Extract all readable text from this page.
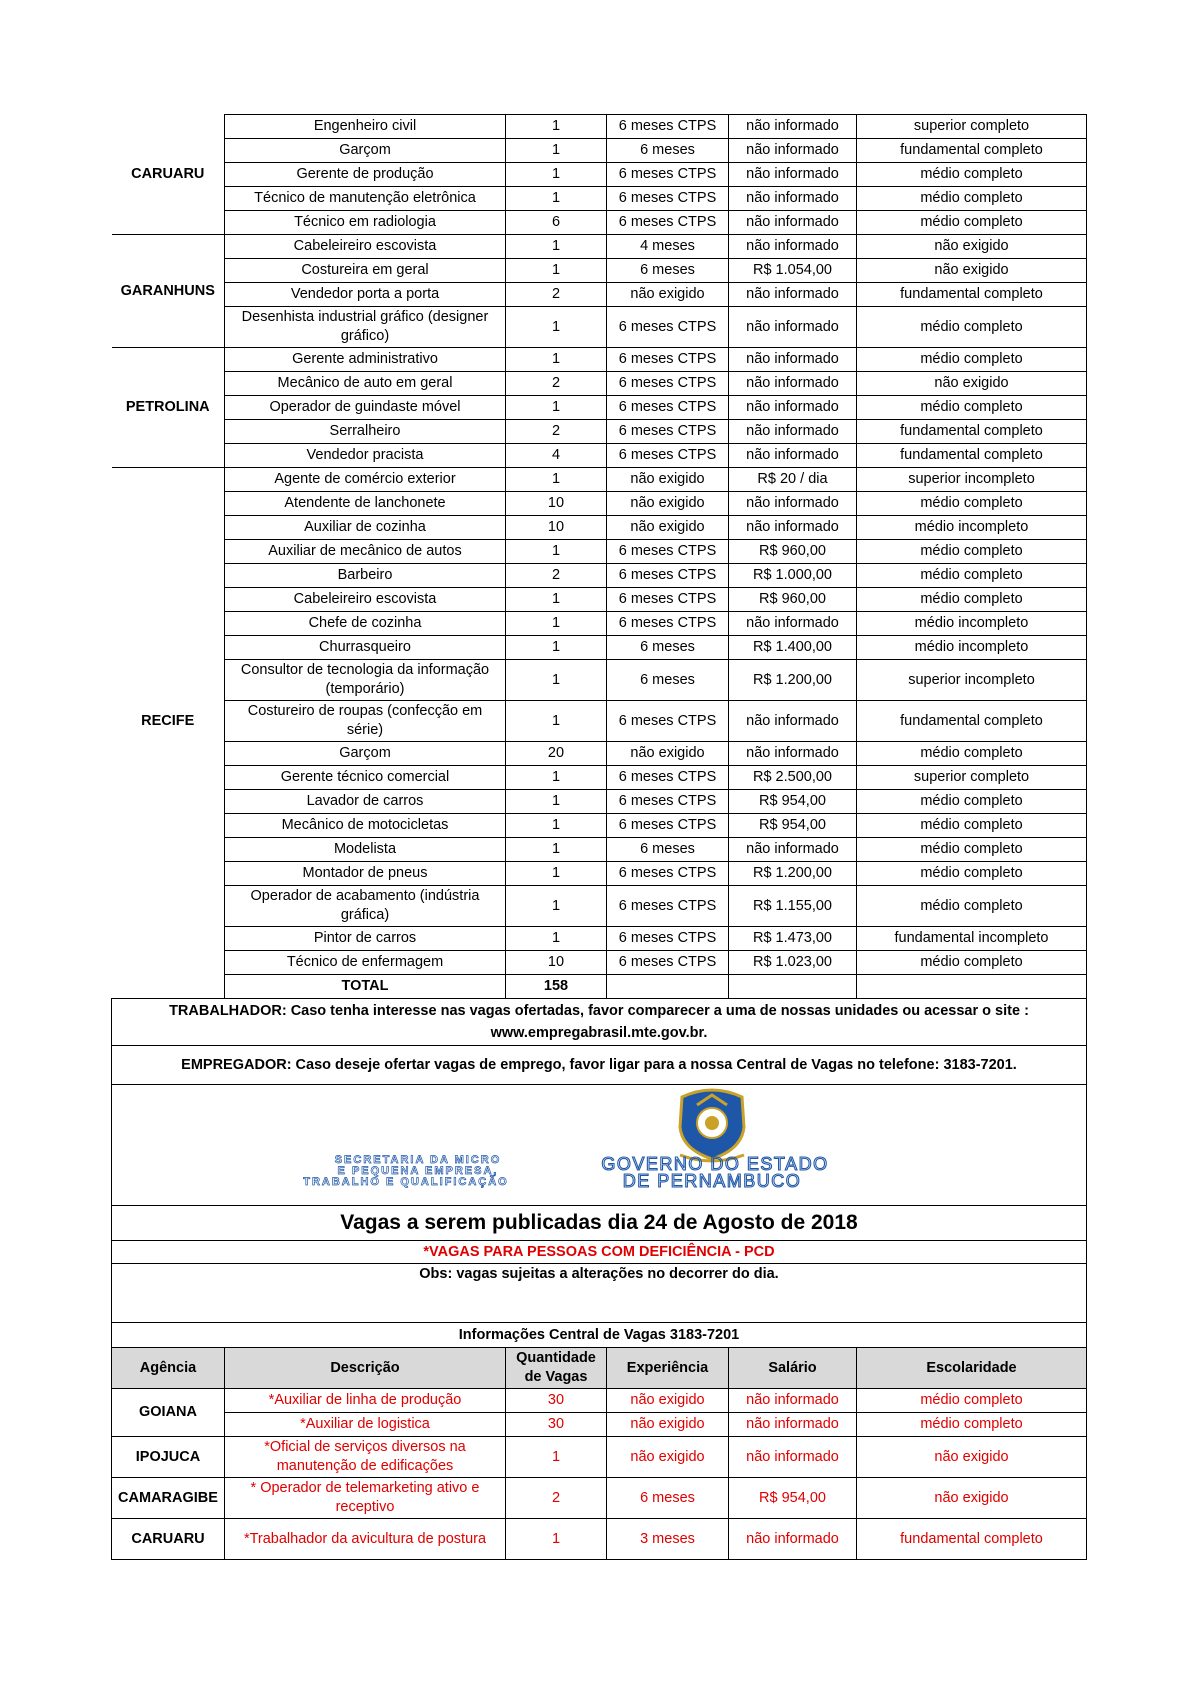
CARUARU	Engenheiro civil	1	6 meses CTPS	não informado	superior completo
	Garçom	1	6 meses	não informado	fundamental completo
	Gerente de produção	1	6 meses CTPS	não informado	médio completo
	Técnico de manutenção eletrônica	1	6 meses CTPS	não informado	médio completo
	Técnico em radiologia	6	6 meses CTPS	não informado	médio completo
GARANHUNS	Cabeleireiro escovista	1	4 meses	não informado	não exigido
	Costureira em geral	1	6 meses	R$ 1.054,00	não exigido
	Vendedor porta a porta	2	não exigido	não informado	fundamental completo
	Desenhista industrial gráfico (designer gráfico)	1	6 meses CTPS	não informado	médio completo
PETROLINA	Gerente administrativo	1	6 meses CTPS	não informado	médio completo
	Mecânico de auto em geral	2	6 meses CTPS	não informado	não exigido
	Operador de guindaste móvel	1	6 meses CTPS	não informado	médio completo
	Serralheiro	2	6 meses CTPS	não informado	fundamental completo
	Vendedor pracista	4	6 meses CTPS	não informado	fundamental completo
RECIFE	Agente de comércio exterior	1	não exigido	R$ 20 / dia	superior incompleto
	Atendente de lanchonete	10	não exigido	não informado	médio completo
	Auxiliar de cozinha	10	não exigido	não informado	médio incompleto
	Auxiliar de mecânico de autos	1	6 meses CTPS	R$ 960,00	médio completo
	Barbeiro	2	6 meses CTPS	R$ 1.000,00	médio completo
	Cabeleireiro escovista	1	6 meses CTPS	R$ 960,00	médio completo
	Chefe de cozinha	1	6 meses CTPS	não informado	médio incompleto
	Churrasqueiro	1	6 meses	R$ 1.400,00	médio incompleto
	Consultor de tecnologia da informação (temporário)	1	6 meses	R$ 1.200,00	superior incompleto
	Costureiro de roupas (confecção em série)	1	6 meses CTPS	não informado	fundamental completo
	Garçom	20	não exigido	não informado	médio completo
	Gerente técnico comercial	1	6 meses CTPS	R$ 2.500,00	superior completo
	Lavador de carros	1	6 meses CTPS	R$ 954,00	médio completo
	Mecânico de motocicletas	1	6 meses CTPS	R$ 954,00	médio completo
	Modelista	1	6 meses	não informado	médio completo
	Montador de pneus	1	6 meses CTPS	R$ 1.200,00	médio completo
	Operador de acabamento (indústria gráfica)	1	6 meses CTPS	R$ 1.155,00	médio completo
	Pintor de carros	1	6 meses CTPS	R$ 1.473,00	fundamental incompleto
	Técnico de enfermagem	10	6 meses CTPS	R$ 1.023,00	médio completo
	TOTAL	158			
TRABALHADOR: Caso tenha interesse nas vagas ofertadas, favor comparecer a uma de nossas unidades ou acessar o site : www.empregabrasil.mte.gov.br.					
EMPREGADOR: Caso deseje ofertar vagas de emprego, favor ligar para a nossa Central de Vagas no telefone: 3183-7201.					

SECRETARIA DA MICRO
E PEQUENA EMPRESA,
TRABALHO E QUALIFICAÇÃO
GOVERNO DO ESTADO
DE PERNAMBUCO					

Vagas a serem publicadas dia 24 de Agosto de 2018					
*VAGAS PARA PESSOAS COM DEFICIÊNCIA - PCD					
Obs: vagas sujeitas a alterações no decorrer do dia.					

Informações Central de Vagas 3183-7201					
Agência	Descrição	Quantidade de Vagas	Experiência	Salário	Escolaridade
GOIANA	*Auxiliar de linha de produção	30	não exigido	não informado	médio completo
	*Auxiliar de logistica	30	não exigido	não informado	médio completo
IPOJUCA	*Oficial de serviços diversos na manutenção de edificações	1	não exigido	não informado	não exigido
CAMARAGIBE	* Operador de telemarketing ativo e receptivo	2	6 meses	R$ 954,00	não exigido
CARUARU	*Trabalhador da avicultura de postura	1	3 meses	não informado	fundamental completo
